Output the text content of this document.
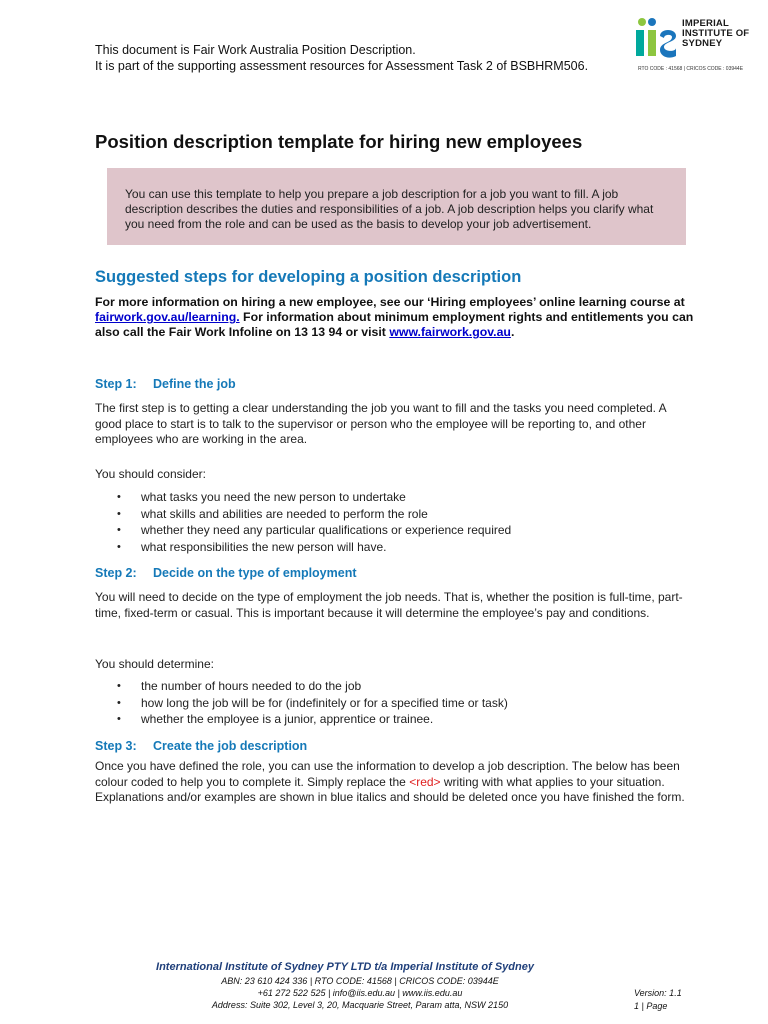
This document is Fair Work Australia Position Description.
It is part of the supporting assessment resources for Assessment Task 2 of BSBHRM506.
IMPERIAL
INSTITUTE OF
SYDNEY
RTO CODE : 41568 | CRICOS CODE : 03944E
Position description template for hiring new employees
You can use this template to help you prepare a job description for a job you want to fill. A job description describes the duties and responsibilities of a job. A job description helps you clarify what you need from the role and can be used as the basis to develop your job advertisement.
Suggested steps for developing a position description
For more information on hiring a new employee, see our ‘Hiring employees’ online learning course at fairwork.gov.au/learning. For information about minimum employment rights and entitlements you can also call the Fair Work Infoline on 13 13 94 or visit www.fairwork.gov.au.
Step 1: Define the job
The first step is to getting a clear understanding the job you want to fill and the tasks you need completed. A good place to start is to talk to the supervisor or person who the employee will be reporting to, and other employees who are working in the area.
You should consider:
• what tasks you need the new person to undertake
• what skills and abilities are needed to perform the role
• whether they need any particular qualifications or experience required
• what responsibilities the new person will have.
Step 2: Decide on the type of employment
You will need to decide on the type of employment the job needs. That is, whether the position is full-time, part-time, fixed-term or casual. This is important because it will determine the employee’s pay and conditions.
You should determine:
• the number of hours needed to do the job
• how long the job will be for (indefinitely or for a specified time or task)
• whether the employee is a junior, apprentice or trainee.
Step 3: Create the job description
Once you have defined the role, you can use the information to develop a job description. The below has been colour coded to help you to complete it. Simply replace the <red> writing with what applies to your situation. Explanations and/or examples are shown in blue italics and should be deleted once you have finished the form.
International Institute of Sydney PTY LTD t/a Imperial Institute of Sydney
ABN: 23 610 424 336 | RTO CODE: 41568 | CRICOS CODE: 03944E
+61 272 522 525 | info@iis.edu.au | www.iis.edu.au
Address: Suite 302, Level 3, 20, Macquarie Street, Param atta, NSW 2150
Version: 1.1
1 | Page
